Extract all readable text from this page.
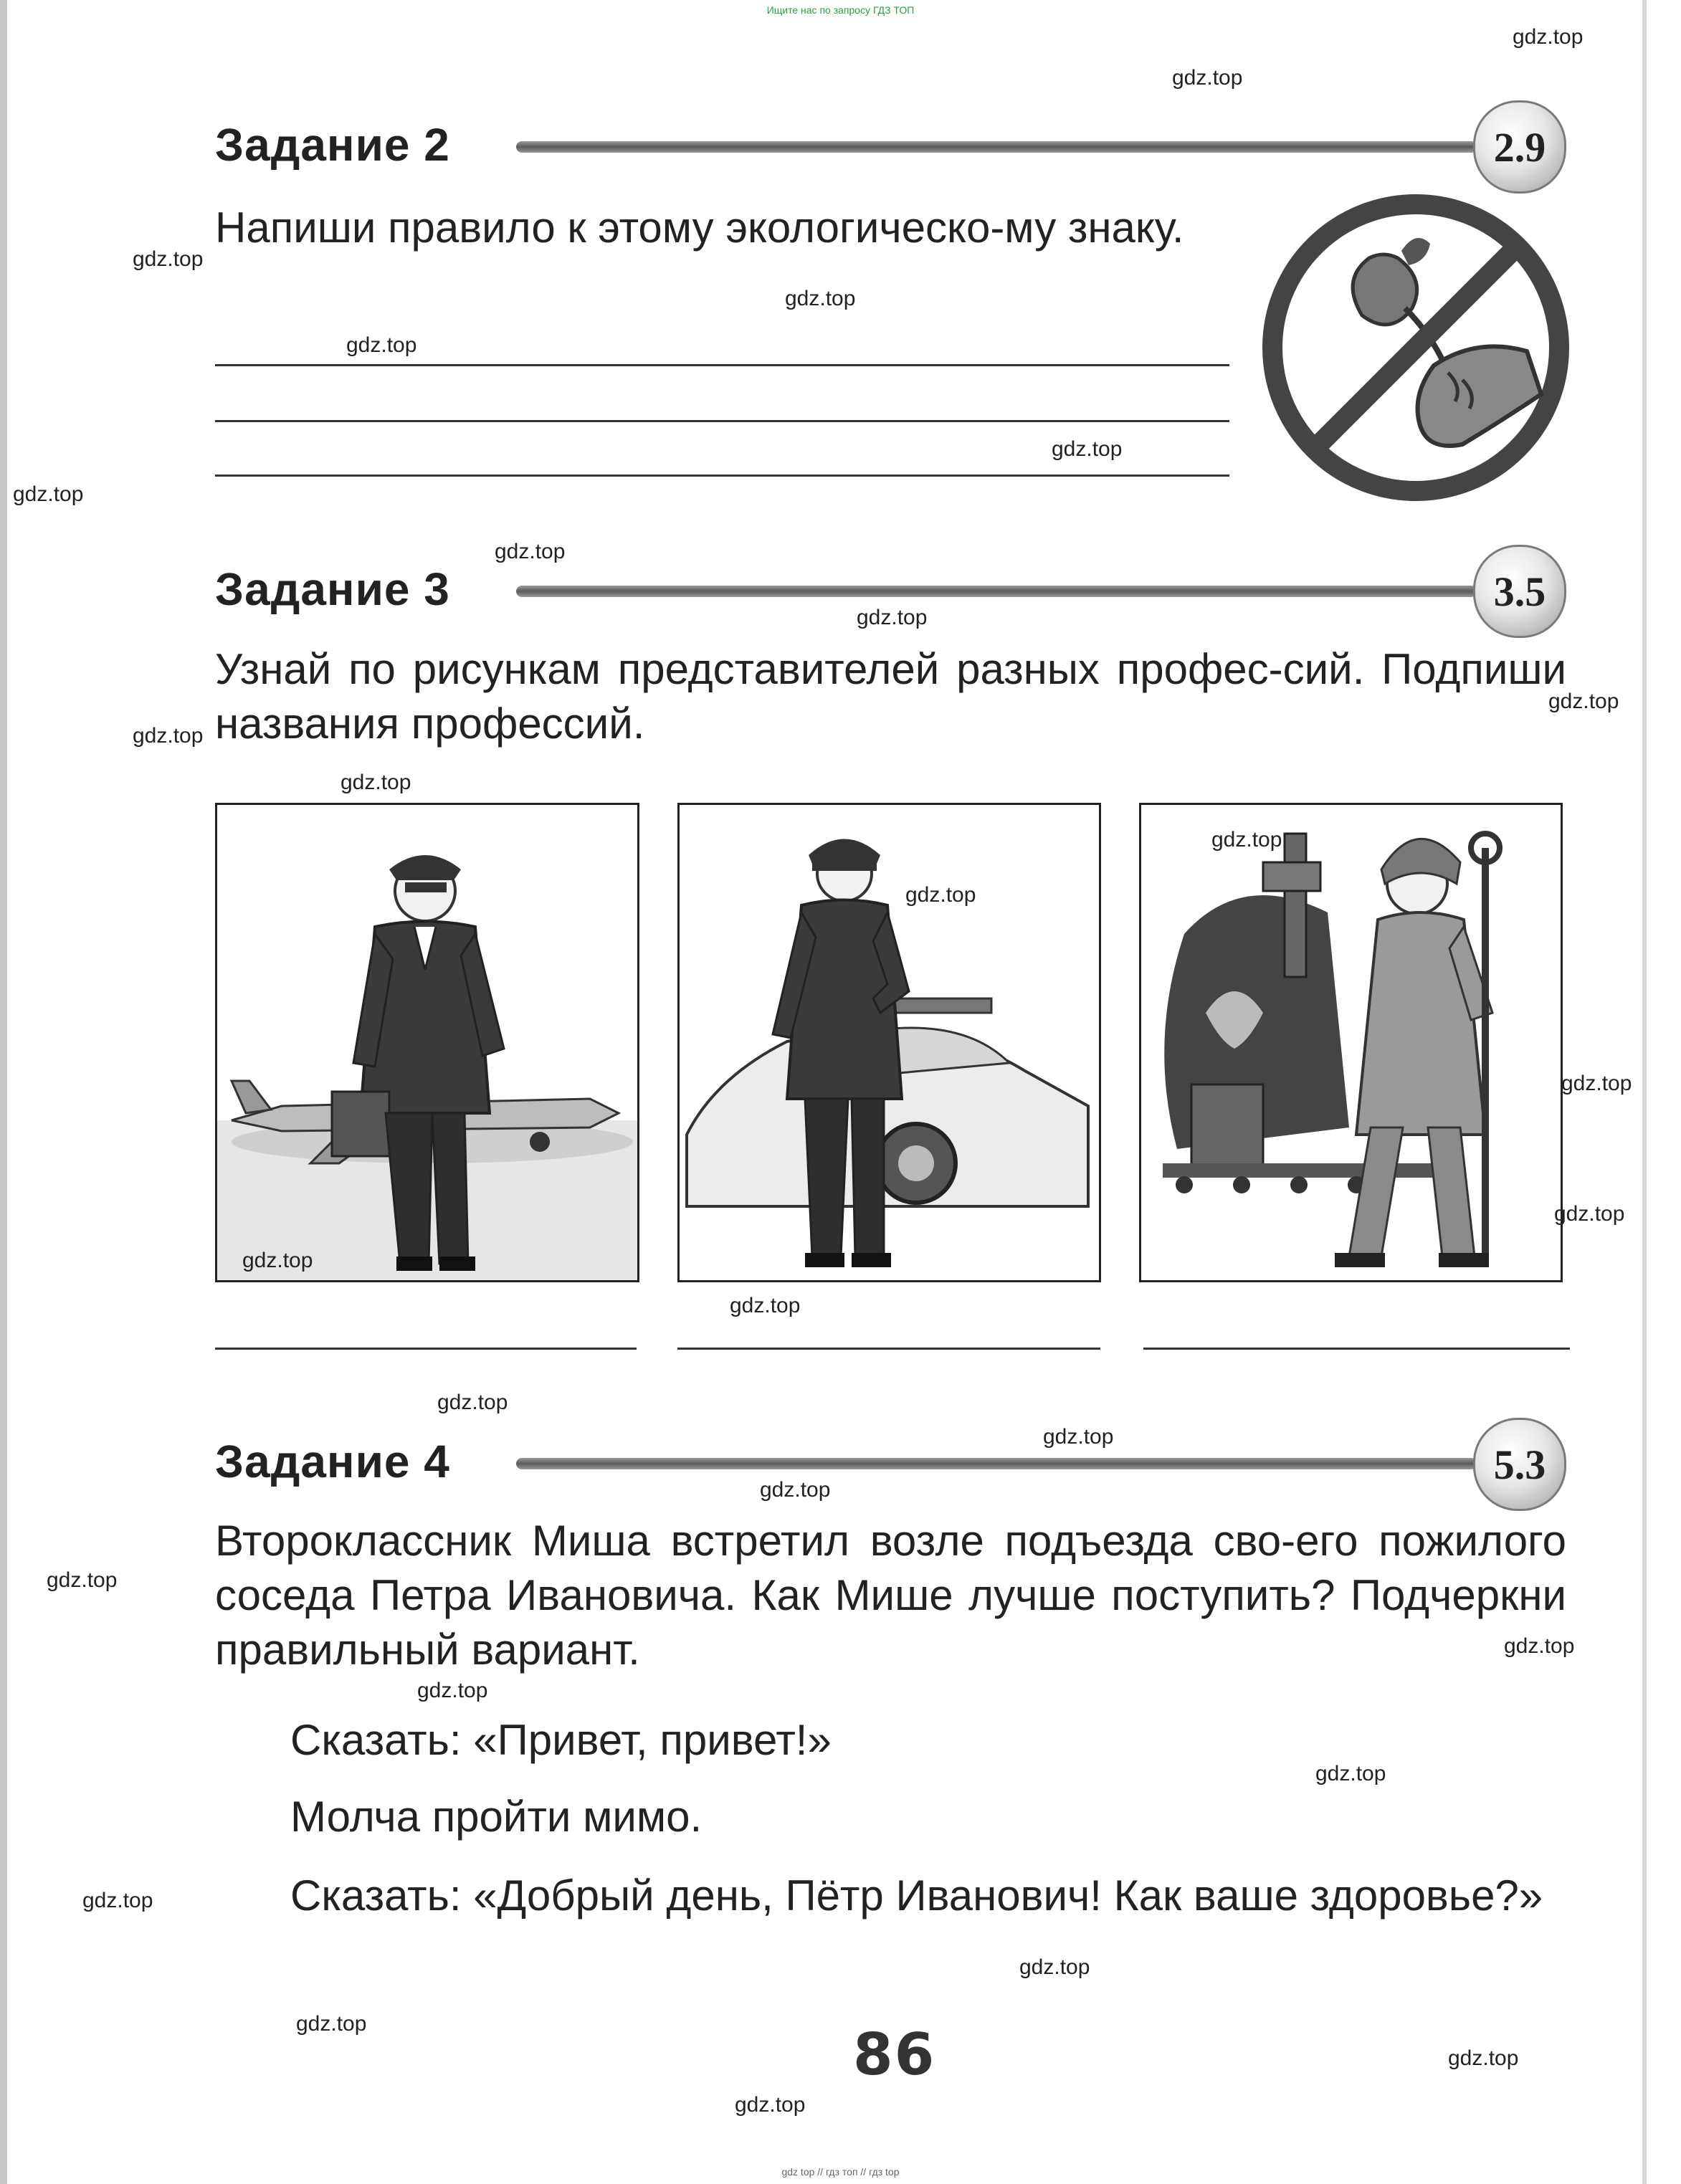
Ищите нас по запросу ГДЗ ТОП
Задание 2	2.9
Напиши правило к этому экологическо-му знаку.
Задание 3	3.5
Узнай по рисункам представителей разных профес-сий. Подпиши названия профессий.
Задание 4	5.3
Второклассник Миша встретил возле подъезда сво-его пожилого соседа Петра Ивановича. Как Мише лучше поступить? Подчеркни правильный вариант.
Сказать: «Привет, привет!»
Молча пройти мимо.
Сказать: «Добрый день, Пётр Иванович! Как ваше здоровье?»
86
gdz.top
gdz.top
gdz.top
gdz.top
gdz.top
gdz.top
gdz.top
gdz.top
gdz.top
gdz.top
gdz.top
gdz.top
gdz.top
gdz.top
gdz.top
gdz.top
gdz.top
gdz.top
gdz.top
gdz.top
gdz.top
gdz.top
gdz.top
gdz.top
gdz.top
gdz.top
gdz.top
gdz.top
gdz.top
gdz.top
gdz top // гдз топ // гдз top
